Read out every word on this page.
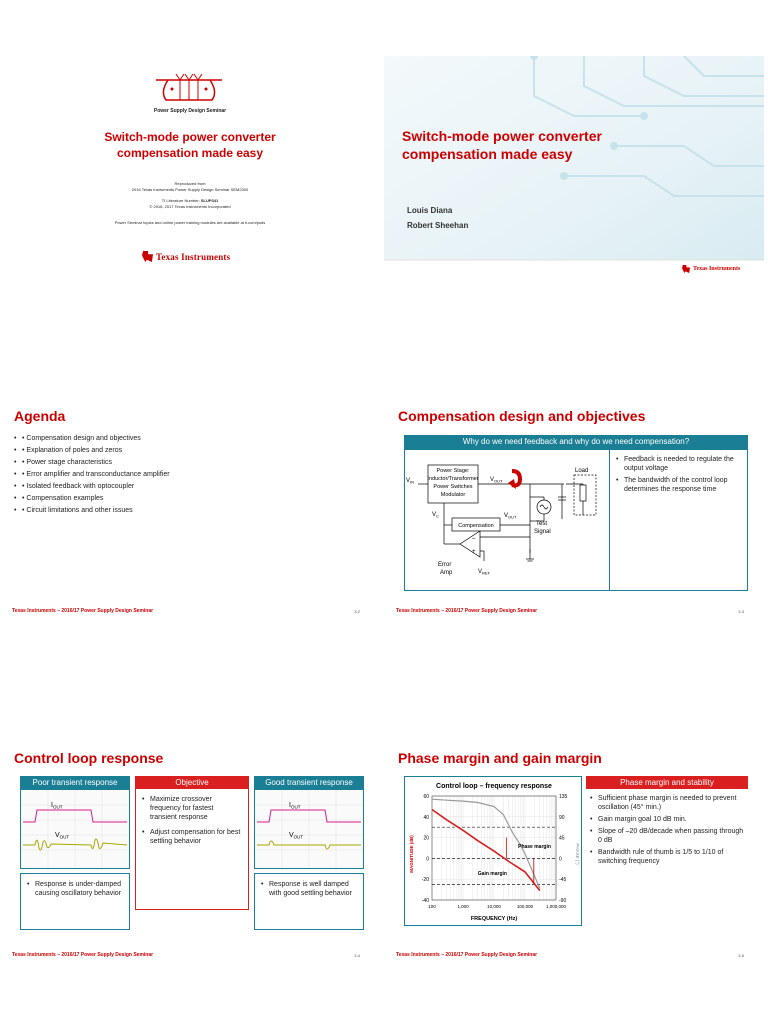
Power Supply Design Seminar
Switch-mode power converter
compensation made easy
Reproduced from
2016 Texas Instruments Power Supply Design Seminar SEM2300
TI Literature Number: SLUP341
© 2016, 2017 Texas Instruments Incorporated
Power Seminar topics and online power training modules are available at ti.com/psds
Texas Instruments
Switch-mode power converter
compensation made easy
Louis Diana
Robert Sheehan
Texas Instruments
Agenda
• • Compensation design and objectives
• • Explanation of poles and zeros
• • Power stage characteristics
• • Error amplifier and transconductance amplifier
• • Isolated feedback with optocoupler
• • Compensation examples
• • Circuit limitations and other issues
Texas Instruments – 2016/17 Power Supply Design Seminar	3-2
Compensation design and objectives
Why do we need feedback and why do we need compensation?
Power Stage:
Inductor/Transformer
Power Switches
Modulator
$V_{IN}$	$V_{OUT}$
Load
$V_C$
Compensation
$V_{OUT}$
Test
Signal
–
+
Error
Amp	$V_{REF}$
• Feedback is needed to regulate the output voltage
• The bandwidth of the control loop determines the response time
Texas Instruments – 2016/17 Power Supply Design Seminar	3-3
Control loop response
Poor transient response	Objective	Good transient response
$I_{OUT}$
$V_{OUT}$
• Maximize crossover frequency for fastest transient response
• Adjust compensation for best settling behavior
$I_{OUT}$
$V_{OUT}$
• Response is under-damped causing oscillatory behavior
• Response is well damped with good settling behavior
Texas Instruments – 2016/17 Power Supply Design Seminar	3-4
Phase margin and gain margin
Control loop – frequency response
MAGNITUDE (dB)	PHASE (°)
FREQUENCY (Hz)
60
40
20
0
-20
-40
135
90
45
0
-45
-90
100	1,000	10,000	100,000	1,000,000
Phase margin
Gain margin
Phase margin and stability
• Sufficient phase margin is needed to prevent oscillation (45° min.)
• Gain margin goal 10 dB min.
• Slope of –20 dB/decade when passing through 0 dB
• Bandwidth rule of thumb is 1/5 to 1/10 of switching frequency
Texas Instruments – 2016/17 Power Supply Design Seminar	3-5
